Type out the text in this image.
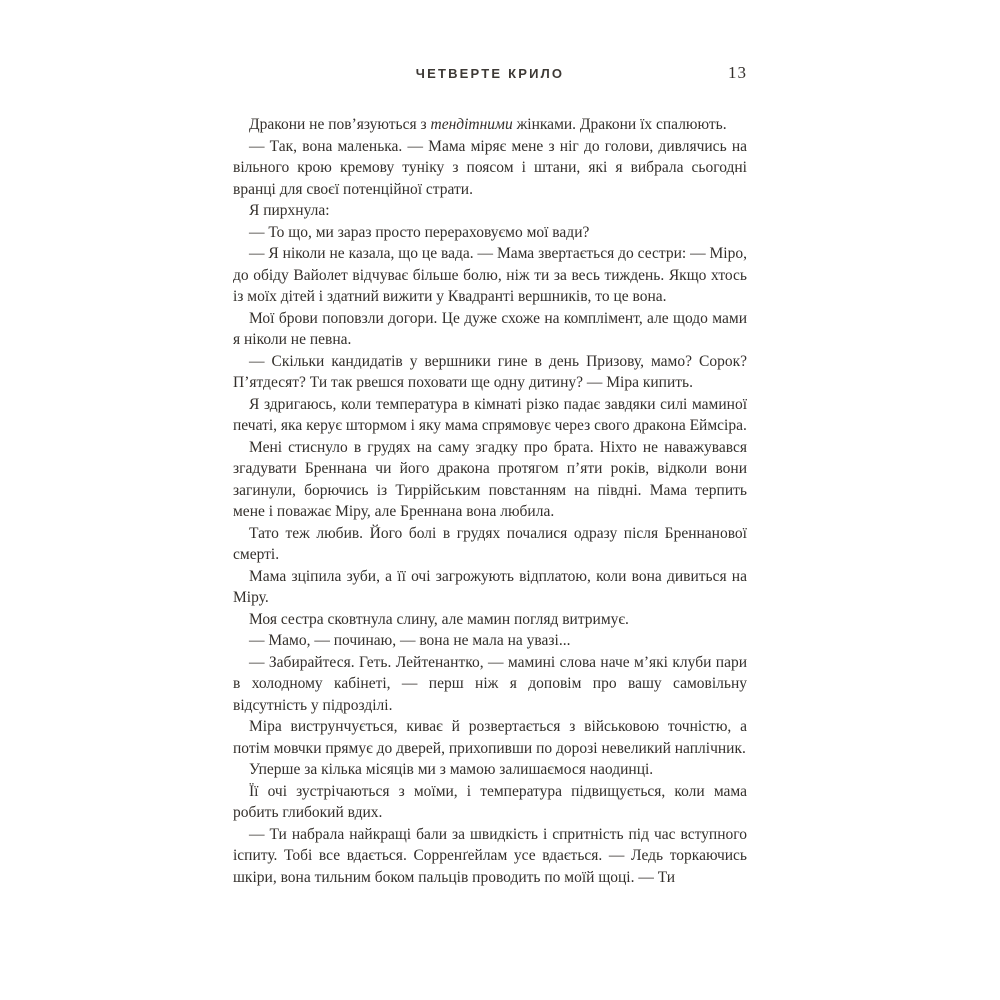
ЧЕТВЕРТЕ КРИЛО	13

Дракони не пов’язуються з тендітними жінками. Дракони їх спалюють.

— Так, вона маленька. — Мама міряє мене з ніг до голови, дивлячись на вільного крою кремову туніку з поясом і штани, які я вибрала сьогодні вранці для своєї потенційної страти.

Я пирхнула:

— То що, ми зараз просто перераховуємо мої вади?

— Я ніколи не казала, що це вада. — Мама звертається до сестри: — Міро, до обіду Вайолет відчуває більше болю, ніж ти за весь тиждень. Якщо хтось із моїх дітей і здатний вижити у Квадранті вершників, то це вона.

Мої брови поповзли догори. Це дуже схоже на комплімент, але щодо мами я ніколи не певна.

— Скільки кандидатів у вершники гине в день Призову, мамо? Сорок? П’ятдесят? Ти так рвешся поховати ще одну дитину? — Міра кипить.

Я здригаюсь, коли температура в кімнаті різко падає завдяки силі маминої печаті, яка керує штормом і яку мама спрямовує через свого дракона Еймсіра.

Мені стиснуло в грудях на саму згадку про брата. Ніхто не наважувався згадувати Бреннана чи його дракона протягом п’яти років, відколи вони загинули, борючись із Тиррійським повстанням на півдні. Мама терпить мене і поважає Міру, але Бреннана вона любила.

Тато теж любив. Його болі в грудях почалися одразу після Бреннанової смерті.

Мама зціпила зуби, а її очі загрожують відплатою, коли вона дивиться на Міру.

Моя сестра сковтнула слину, але мамин погляд витримує.

— Мамо, — починаю, — вона не мала на увазі...

— Забирайтеся. Геть. Лейтенантко, — мамині слова наче м’які клуби пари в холодному кабінеті, — перш ніж я доповім про вашу самовільну відсутність у підрозділі.

Міра виструнчується, киває й розвертається з військовою точністю, а потім мовчки прямує до дверей, прихопивши по дорозі невеликий наплічник.

Уперше за кілька місяців ми з мамою залишаємося наодинці.

Її очі зустрічаються з моїми, і температура підвищується, коли мама робить глибокий вдих.

— Ти набрала найкращі бали за швидкість і спритність під час вступного іспиту. Тобі все вдається. Сорренґейлам усе вдається. — Ледь торкаючись шкіри, вона тильним боком пальців проводить по моїй щоці. — Ти
